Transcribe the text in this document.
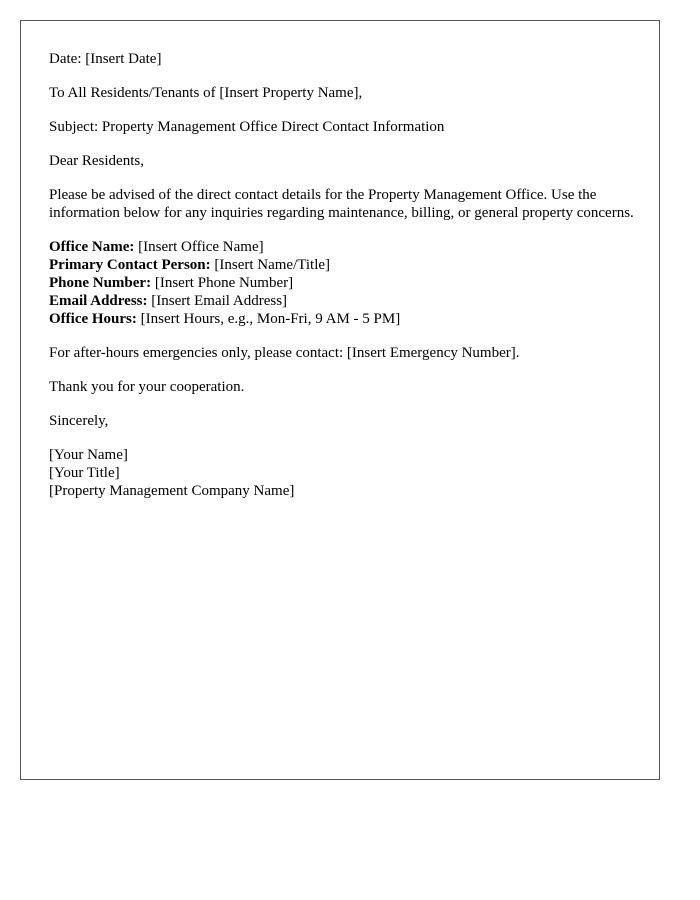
Date: [Insert Date]

To All Residents/Tenants of [Insert Property Name],

Subject: Property Management Office Direct Contact Information

Dear Residents,

Please be advised of the direct contact details for the Property Management Office. Use the information below for any inquiries regarding maintenance, billing, or general property concerns.

Office Name: [Insert Office Name]
Primary Contact Person: [Insert Name/Title]
Phone Number: [Insert Phone Number]
Email Address: [Insert Email Address]
Office Hours: [Insert Hours, e.g., Mon-Fri, 9 AM - 5 PM]

For after-hours emergencies only, please contact: [Insert Emergency Number].

Thank you for your cooperation.

Sincerely,

[Your Name]
[Your Title]
[Property Management Company Name]
